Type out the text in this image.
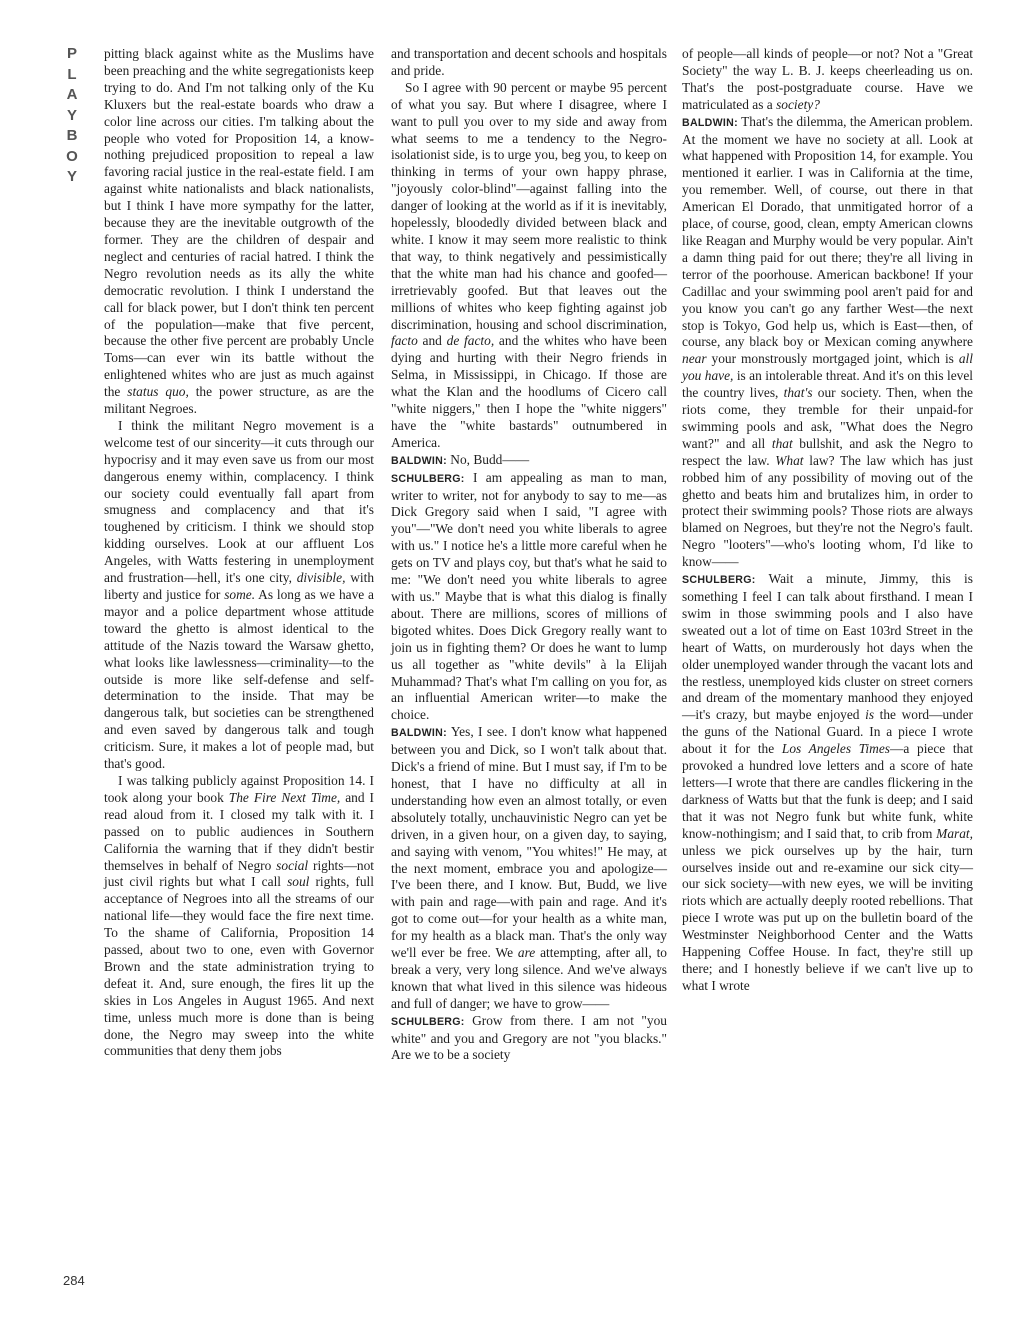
P
L
A
Y
B
O
Y
284

pitting black against white as the Muslims have been preaching and the white segregationists keep trying to do. And I'm not talking only of the Ku Kluxers but the real-estate boards who draw a color line across our cities. I'm talking about the people who voted for Proposition 14, a know-nothing prejudiced proposition to repeal a law favoring racial justice in the real-estate field. I am against white nationalists and black nationalists, but I think I have more sympathy for the latter, because they are the inevitable outgrowth of the former. They are the children of despair and neglect and centuries of racial hatred. I think the Negro revolution needs as its ally the white democratic revolution. I think I understand the call for black power, but I don't think ten percent of the population—make that five percent, because the other five percent are probably Uncle Toms—can ever win its battle without the enlightened whites who are just as much against the status quo, the power structure, as are the militant Negroes.

I think the militant Negro movement is a welcome test of our sincerity—it cuts through our hypocrisy and it may even save us from our most dangerous enemy within, complacency. I think our society could eventually fall apart from smugness and complacency and that it's toughened by criticism. I think we should stop kidding ourselves. Look at our affluent Los Angeles, with Watts festering in unemployment and frustration—hell, it's one city, divisible, with liberty and justice for some. As long as we have a mayor and a police department whose attitude toward the ghetto is almost identical to the attitude of the Nazis toward the Warsaw ghetto, what looks like lawlessness—criminality—to the outside is more like self-defense and self-determination to the inside. That may be dangerous talk, but societies can be strengthened and even saved by dangerous talk and tough criticism. Sure, it makes a lot of people mad, but that's good.

I was talking publicly against Proposition 14. I took along your book The Fire Next Time, and I read aloud from it. I closed my talk with it. I passed on to public audiences in Southern California the warning that if they didn't bestir themselves in behalf of Negro social rights—not just civil rights but what I call soul rights, full acceptance of Negroes into all the streams of our national life—they would face the fire next time. To the shame of California, Proposition 14 passed, about two to one, even with Governor Brown and the state administration trying to defeat it. And, sure enough, the fires lit up the skies in Los Angeles in August 1965. And next time, unless much more is done than is being done, the Negro may sweep into the white communities that deny them jobs

and transportation and decent schools and hospitals and pride.

So I agree with 90 percent or maybe 95 percent of what you say. But where I disagree, where I want to pull you over to my side and away from what seems to me a tendency to the Negro-isolationist side, is to urge you, beg you, to keep on thinking in terms of your own happy phrase, "joyously color-blind"—against falling into the danger of looking at the world as if it is inevitably, hopelessly, bloodedly divided between black and white. I know it may seem more realistic to think that way, to think negatively and pessimistically that the white man had his chance and goofed—irretrievably goofed. But that leaves out the millions of whites who keep fighting against job discrimination, housing and school discrimination, facto and de facto, and the whites who have been dying and hurting with their Negro friends in Selma, in Mississippi, in Chicago. If those are what the Klan and the hoodlums of Cicero call "white niggers," then I hope the "white niggers" have the "white bastards" outnumbered in America.

BALDWIN: No, Budd——

SCHULBERG: I am appealing as man to man, writer to writer, not for anybody to say to me—as Dick Gregory said when I said, "I agree with you"—"We don't need you white liberals to agree with us." I notice he's a little more careful when he gets on TV and plays coy, but that's what he said to me: "We don't need you white liberals to agree with us." Maybe that is what this dialog is finally about. There are millions, scores of millions of bigoted whites. Does Dick Gregory really want to join us in fighting them? Or does he want to lump us all together as "white devils" à la Elijah Muhammad? That's what I'm calling on you for, as an influential American writer—to make the choice.

BALDWIN: Yes, I see. I don't know what happened between you and Dick, so I won't talk about that. Dick's a friend of mine. But I must say, if I'm to be honest, that I have no difficulty at all in understanding how even an almost totally, or even absolutely totally, unchauvinistic Negro can yet be driven, in a given hour, on a given day, to saying, and saying with venom, "You whites!" He may, at the next moment, embrace you and apologize—I've been there, and I know. But, Budd, we live with pain and rage—with pain and rage. And it's got to come out—for your health as a white man, for my health as a black man. That's the only way we'll ever be free. We are attempting, after all, to break a very, very long silence. And we've always known that what lived in this silence was hideous and full of danger; we have to grow——

SCHULBERG: Grow from there. I am not "you white" and you and Gregory are not "you blacks." Are we to be a society

of people—all kinds of people—or not? Not a "Great Society" the way L. B. J. keeps cheerleading us on. That's the post-postgraduate course. Have we matriculated as a society?

BALDWIN: That's the dilemma, the American problem. At the moment we have no society at all. Look at what happened with Proposition 14, for example. You mentioned it earlier. I was in California at the time, you remember. Well, of course, out there in that American El Dorado, that unmitigated horror of a place, of course, good, clean, empty American clowns like Reagan and Murphy would be very popular. Ain't a damn thing paid for out there; they're all living in terror of the poorhouse. American backbone! If your Cadillac and your swimming pool aren't paid for and you know you can't go any farther West—the next stop is Tokyo, God help us, which is East—then, of course, any black boy or Mexican coming anywhere near your monstrously mortgaged joint, which is all you have, is an intolerable threat. And it's on this level the country lives, that's our society. Then, when the riots come, they tremble for their unpaid-for swimming pools and ask, "What does the Negro want?" and all that bullshit, and ask the Negro to respect the law. What law? The law which has just robbed him of any possibility of moving out of the ghetto and beats him and brutalizes him, in order to protect their swimming pools? Those riots are always blamed on Negroes, but they're not the Negro's fault. Negro "looters"—who's looting whom, I'd like to know——

SCHULBERG: Wait a minute, Jimmy, this is something I feel I can talk about firsthand. I mean I swim in those swimming pools and I also have sweated out a lot of time on East 103rd Street in the heart of Watts, on murderously hot days when the older unemployed wander through the vacant lots and the restless, unemployed kids cluster on street corners and dream of the momentary manhood they enjoyed—it's crazy, but maybe enjoyed is the word—under the guns of the National Guard. In a piece I wrote about it for the Los Angeles Times—a piece that provoked a hundred love letters and a score of hate letters—I wrote that there are candles flickering in the darkness of Watts but that the funk is deep; and I said that it was not Negro funk but white funk, white know-nothingism; and I said that, to crib from Marat, unless we pick ourselves up by the hair, turn ourselves inside out and re-examine our sick city—our sick society—with new eyes, we will be inviting riots which are actually deeply rooted rebellions. That piece I wrote was put up on the bulletin board of the Westminster Neighborhood Center and the Watts Happening Coffee House. In fact, they're still up there; and I honestly believe if we can't live up to what I wrote
